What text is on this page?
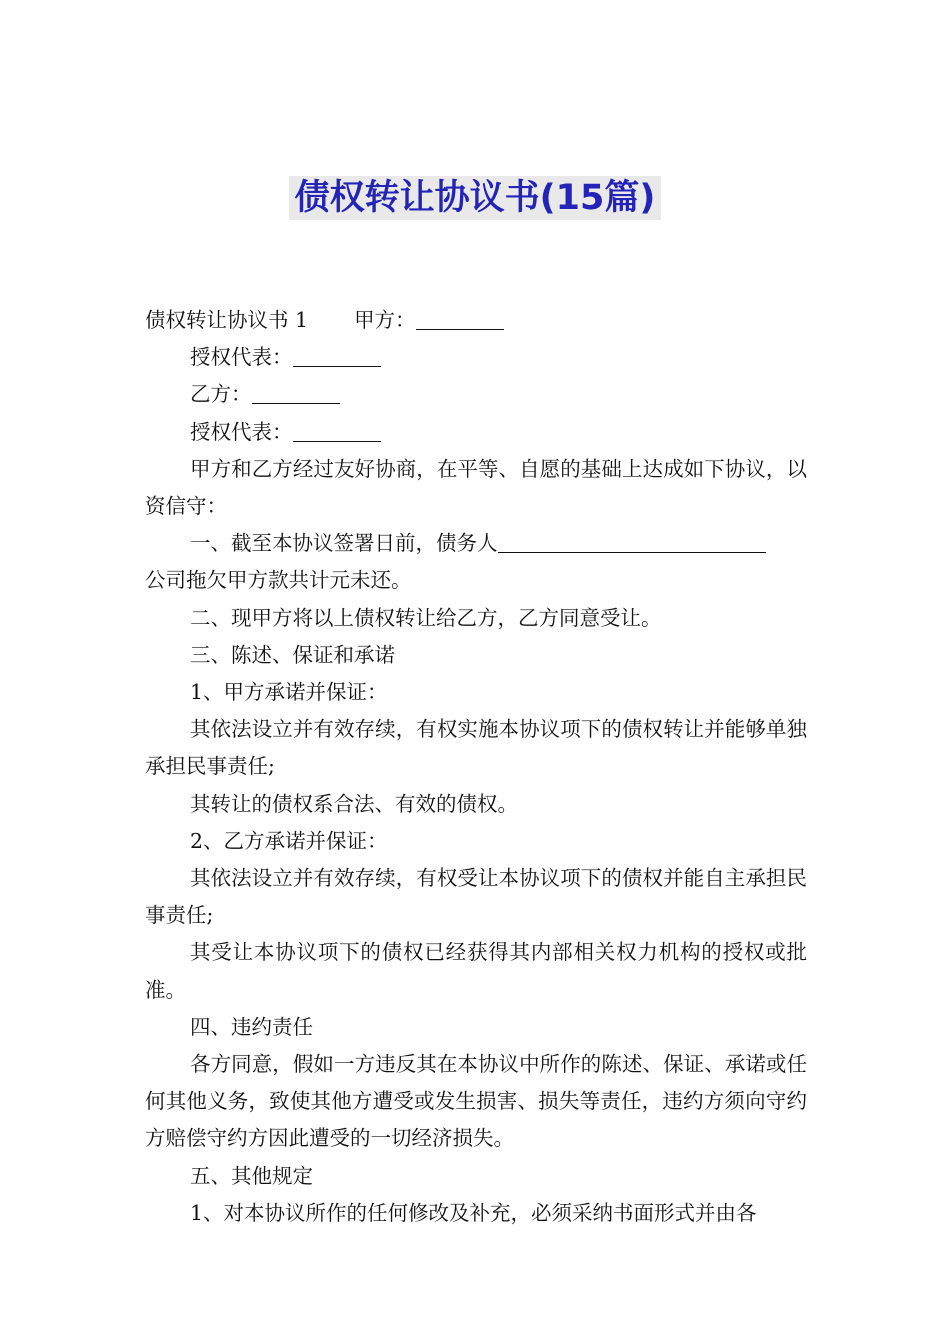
债权转让协议书(15篇)

债权转让协议书 1 甲方：

授权代表：

乙方：

授权代表：

甲方和乙方经过友好协商，在平等、自愿的基础上达成如下协议，以资信守：

一、截至本协议签署日前，债务人

公司拖欠甲方款共计元未还。

二、现甲方将以上债权转让给乙方，乙方同意受让。

三、陈述、保证和承诺

1、甲方承诺并保证：

其依法设立并有效存续，有权实施本协议项下的债权转让并能够单独承担民事责任;

其转让的债权系合法、有效的债权。

2、乙方承诺并保证：

其依法设立并有效存续，有权受让本协议项下的债权并能自主承担民事责任;

其受让本协议项下的债权已经获得其内部相关权力机构的授权或批准。

四、违约责任

各方同意，假如一方违反其在本协议中所作的陈述、保证、承诺或任何其他义务，致使其他方遭受或发生损害、损失等责任，违约方须向守约方赔偿守约方因此遭受的一切经济损失。

五、其他规定

1、对本协议所作的任何修改及补充，必须采纳书面形式并由各
